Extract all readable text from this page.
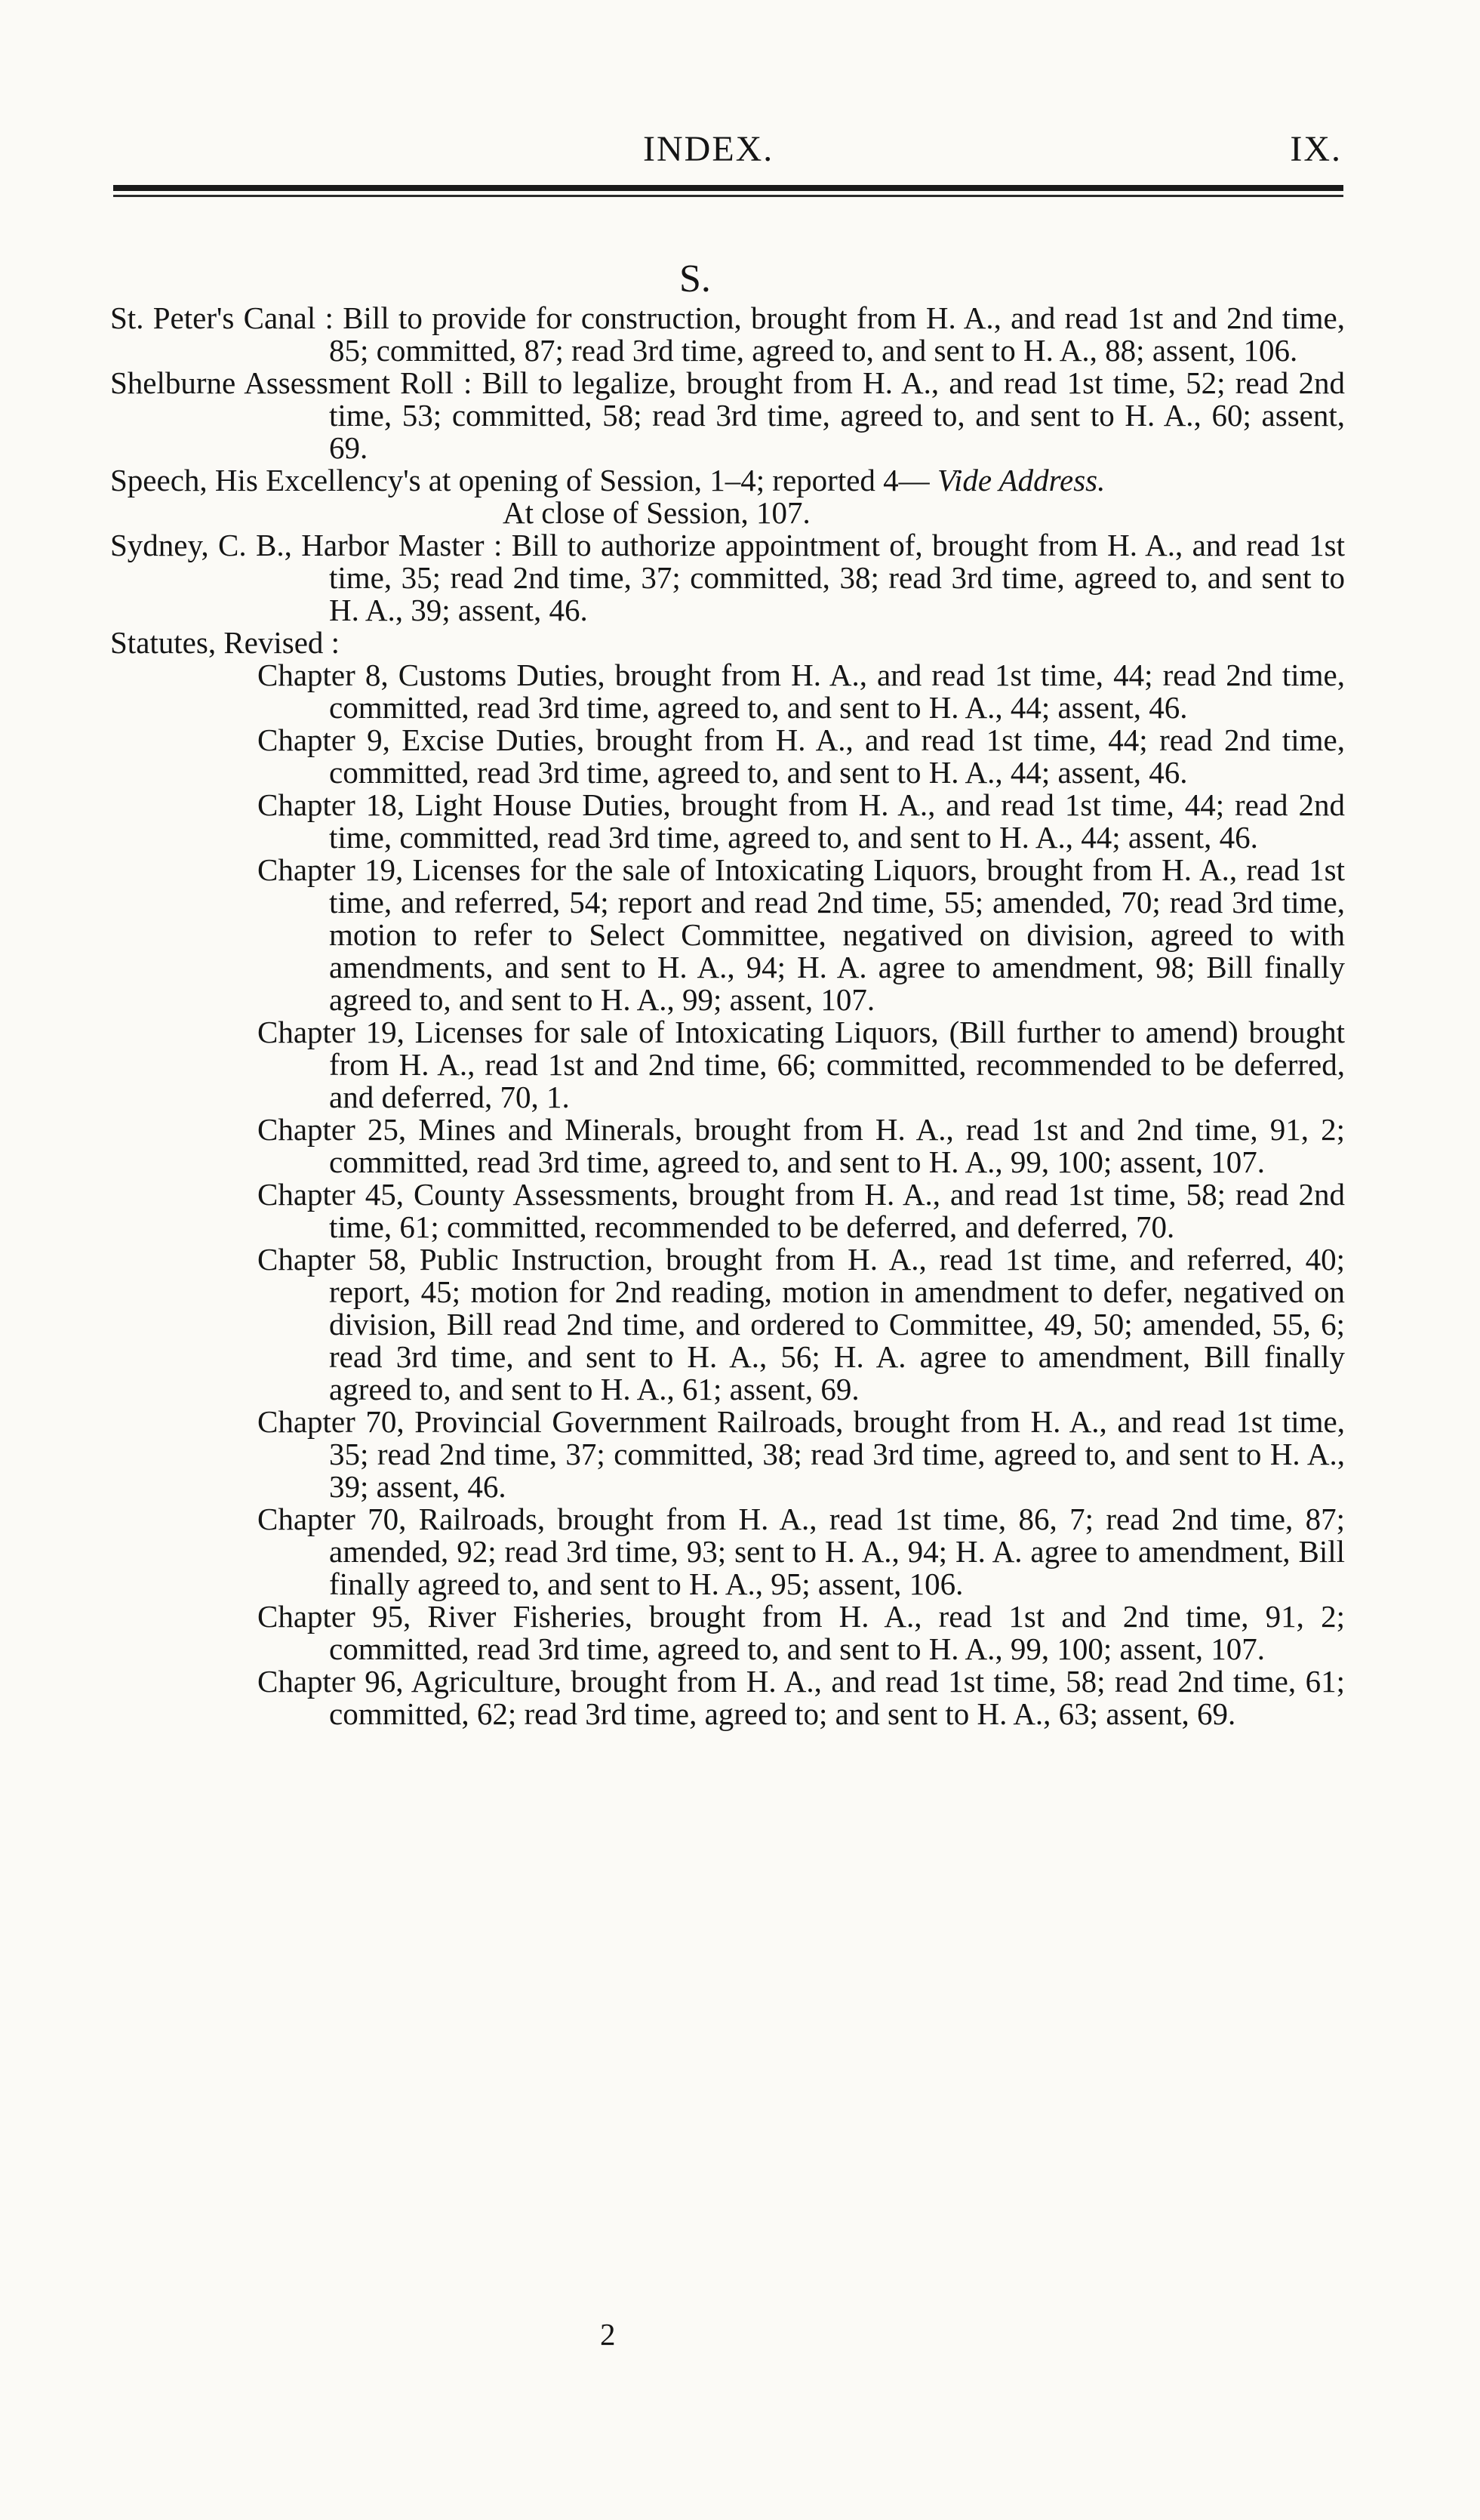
INDEX.	IX.
S.

St. Peter's Canal : Bill to provide for construction, brought from H. A., and read 1st and 2nd time, 85; committed, 87; read 3rd time, agreed to, and sent to H. A., 88; assent, 106.

Shelburne Assessment Roll : Bill to legalize, brought from H. A., and read 1st time, 52; read 2nd time, 53; committed, 58; read 3rd time, agreed to, and sent to H. A., 60; assent, 69.

Speech, His Excellency's at opening of Session, 1–4; reported 4— Vide Address.

At close of Session, 107.

Sydney, C. B., Harbor Master : Bill to authorize appointment of, brought from H. A., and read 1st time, 35; read 2nd time, 37; committed, 38; read 3rd time, agreed to, and sent to H. A., 39; assent, 46.

Statutes, Revised :

Chapter 8, Customs Duties, brought from H. A., and read 1st time, 44; read 2nd time, committed, read 3rd time, agreed to, and sent to H. A., 44; assent, 46.

Chapter 9, Excise Duties, brought from H. A., and read 1st time, 44; read 2nd time, committed, read 3rd time, agreed to, and sent to H. A., 44; assent, 46.

Chapter 18, Light House Duties, brought from H. A., and read 1st time, 44; read 2nd time, committed, read 3rd time, agreed to, and sent to H. A., 44; assent, 46.

Chapter 19, Licenses for the sale of Intoxicating Liquors, brought from H. A., read 1st time, and referred, 54; report and read 2nd time, 55; amended, 70; read 3rd time, motion to refer to Select Committee, negatived on division, agreed to with amendments, and sent to H. A., 94; H. A. agree to amendment, 98; Bill finally agreed to, and sent to H. A., 99; assent, 107.

Chapter 19, Licenses for sale of Intoxicating Liquors, (Bill further to amend) brought from H. A., read 1st and 2nd time, 66; committed, recommended to be deferred, and deferred, 70, 1.

Chapter 25, Mines and Minerals, brought from H. A., read 1st and 2nd time, 91, 2; committed, read 3rd time, agreed to, and sent to H. A., 99, 100; assent, 107.

Chapter 45, County Assessments, brought from H. A., and read 1st time, 58; read 2nd time, 61; committed, recommended to be deferred, and deferred, 70.

Chapter 58, Public Instruction, brought from H. A., read 1st time, and referred, 40; report, 45; motion for 2nd reading, motion in amendment to defer, negatived on division, Bill read 2nd time, and ordered to Committee, 49, 50; amended, 55, 6; read 3rd time, and sent to H. A., 56; H. A. agree to amendment, Bill finally agreed to, and sent to H. A., 61; assent, 69.

Chapter 70, Provincial Government Railroads, brought from H. A., and read 1st time, 35; read 2nd time, 37; committed, 38; read 3rd time, agreed to, and sent to H. A., 39; assent, 46.

Chapter 70, Railroads, brought from H. A., read 1st time, 86, 7; read 2nd time, 87; amended, 92; read 3rd time, 93; sent to H. A., 94; H. A. agree to amendment, Bill finally agreed to, and sent to H. A., 95; assent, 106.

Chapter 95, River Fisheries, brought from H. A., read 1st and 2nd time, 91, 2; committed, read 3rd time, agreed to, and sent to H. A., 99, 100; assent, 107.

Chapter 96, Agriculture, brought from H. A., and read 1st time, 58; read 2nd time, 61; committed, 62; read 3rd time, agreed to; and sent to H. A., 63; assent, 69.

2
